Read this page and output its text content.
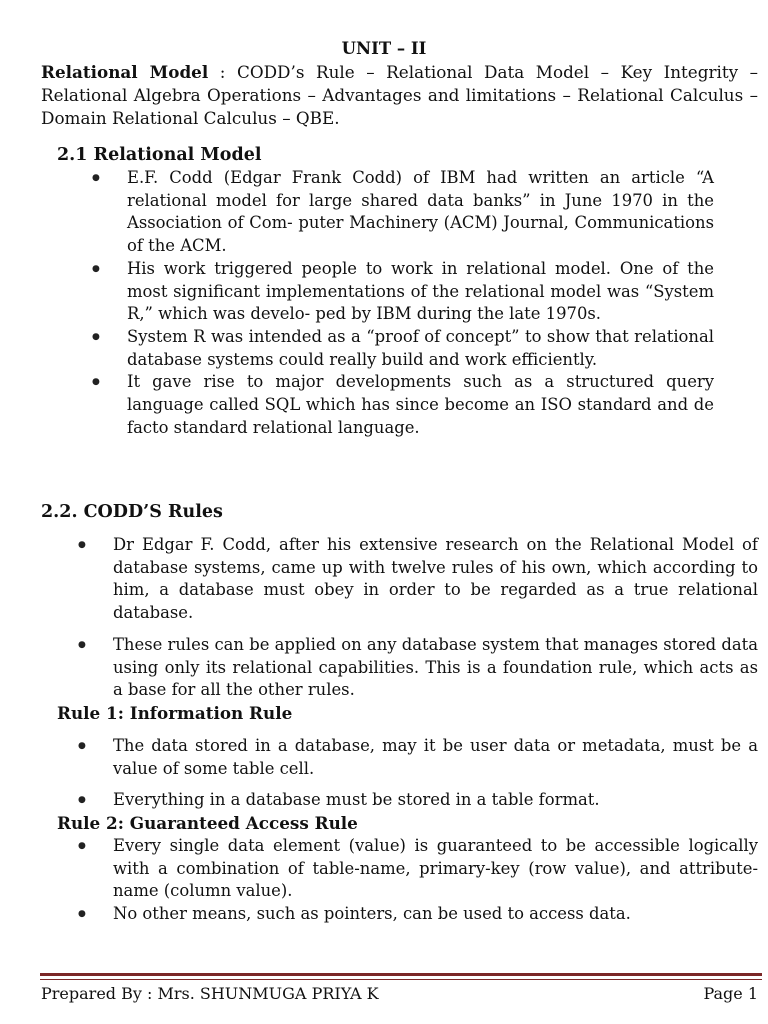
UNIT – II
Relational Model : CODD’s Rule – Relational Data Model – Key Integrity – Relational Algebra Operations – Advantages and limitations – Relational Calculus – Domain Relational Calculus – QBE.
2.1 Relational Model
● E.F. Codd (Edgar Frank Codd) of IBM had written an article “A relational model for large shared data banks” in June 1970 in the Association of Com- puter Machinery (ACM) Journal, Communications of the ACM.
● His work triggered people to work in relational model. One of the most significant implementations of the relational model was “System R,” which was develo- ped by IBM during the late 1970s.
● System R was intended as a “proof of concept” to show that relational database systems could really build and work efficiently.
● It gave rise to major developments such as a structured query language called SQL which has since become an ISO standard and de facto standard relational language.
2.2. CODD’S Rules
● Dr Edgar F. Codd, after his extensive research on the Relational Model of database systems, came up with twelve rules of his own, which according to him, a database must obey in order to be regarded as a true relational database.
● These rules can be applied on any database system that manages stored data using only its relational capabilities. This is a foundation rule, which acts as a base for all the other rules.
Rule 1: Information Rule
● The data stored in a database, may it be user data or metadata, must be a value of some table cell.
● Everything in a database must be stored in a table format.
Rule 2: Guaranteed Access Rule
● Every single data element (value) is guaranteed to be accessible logically with a combination of table-name, primary-key (row value), and attribute-name (column value).
● No other means, such as pointers, can be used to access data.
Prepared By : Mrs. SHUNMUGA PRIYA K	Page 1
